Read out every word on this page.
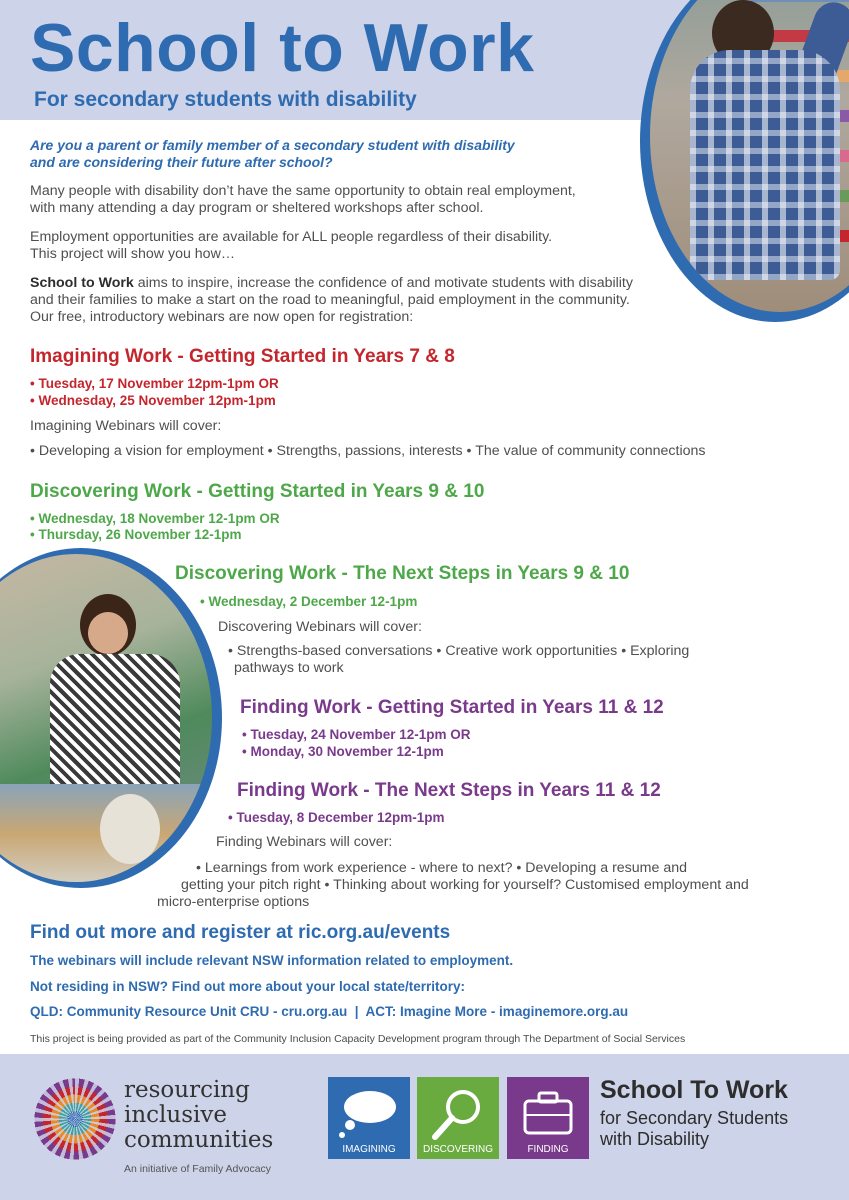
School to Work
For secondary students with disability
Are you a parent or family member of a secondary student with disability
and are considering their future after school?
Many people with disability don’t have the same opportunity to obtain real employment,
with many attending a day program or sheltered workshops after school.
Employment opportunities are available for ALL people regardless of their disability.
This project will show you how…
School to Work aims to inspire, increase the confidence of and motivate students with disability
and their families to make a start on the road to meaningful, paid employment in the community.
Our free, introductory webinars are now open for registration:
Imagining Work - Getting Started in Years 7 & 8
• Tuesday, 17 November 12pm-1pm OR
• Wednesday, 25 November 12pm-1pm
Imagining Webinars will cover:
• Developing a vision for employment • Strengths, passions, interests • The value of community connections
Discovering Work - Getting Started in Years 9 & 10
• Wednesday, 18 November 12-1pm OR
• Thursday, 26 November 12-1pm
Discovering Work - The Next Steps in Years 9 & 10
• Wednesday, 2 December 12-1pm
Discovering Webinars will cover:
• Strengths-based conversations • Creative work opportunities • Exploring
pathways to work
Finding Work - Getting Started in Years 11 & 12
• Tuesday, 24 November 12-1pm OR
• Monday, 30 November 12-1pm
Finding Work - The Next Steps in Years 11 & 12
• Tuesday, 8 December 12pm-1pm
Finding Webinars will cover:
• Learnings from work experience - where to next? • Developing a resume and
getting your pitch right • Thinking about working for yourself? Customised employment and
micro-enterprise options
Find out more and register at ric.org.au/events
The webinars will include relevant NSW information related to employment.
Not residing in NSW? Find out more about your local state/territory:
QLD: Community Resource Unit CRU - cru.org.au  |  ACT: Imagine More - imaginemore.org.au
This project is being provided as part of the Community Inclusion Capacity Development program through The Department of Social Services
resourcing
inclusive
communities
An initiative of Family Advocacy
IMAGINING	DISCOVERING	FINDING
School To Work
for Secondary Students
with Disability
